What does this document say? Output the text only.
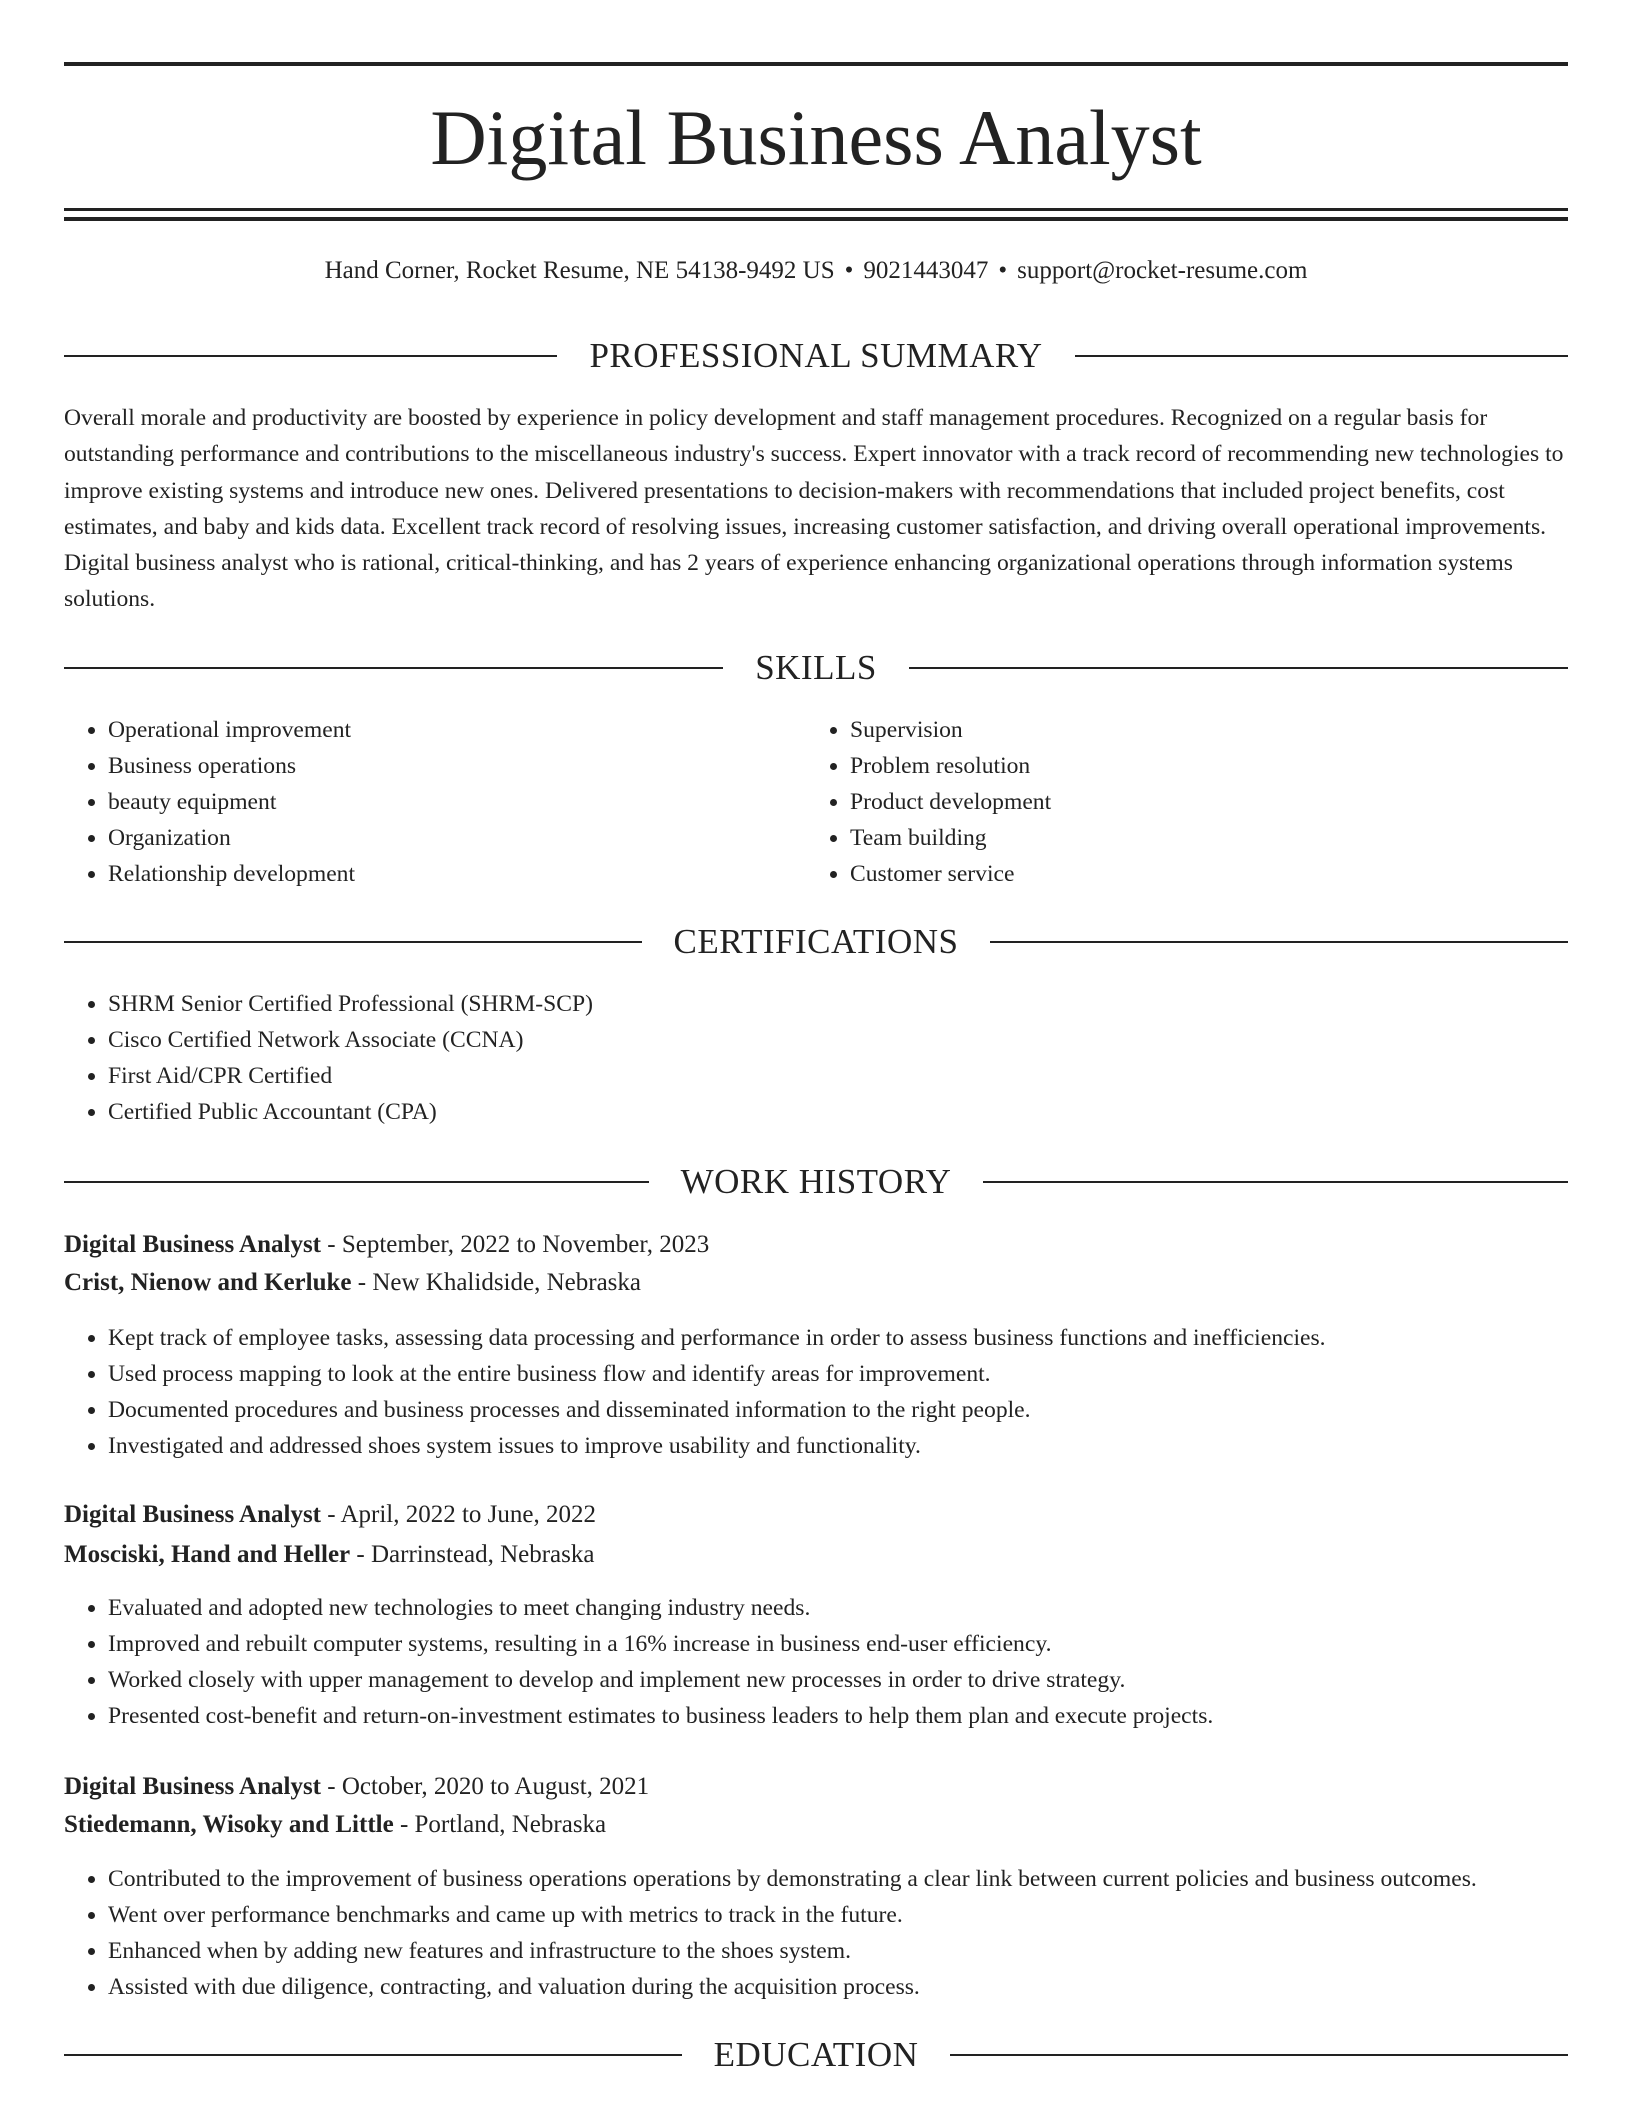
Digital Business Analyst
Hand Corner, Rocket Resume, NE 54138-9492 US • 9021443047 • support@rocket-resume.com
PROFESSIONAL SUMMARY

Overall morale and productivity are boosted by experience in policy development and staff management procedures. Recognized on a regular basis for outstanding performance and contributions to the miscellaneous industry's success. Expert innovator with a track record of recommending new technologies to improve existing systems and introduce new ones. Delivered presentations to decision-makers with recommendations that included project benefits, cost estimates, and baby and kids data. Excellent track record of resolving issues, increasing customer satisfaction, and driving overall operational improvements. Digital business analyst who is rational, critical-thinking, and has 2 years of experience enhancing organizational operations through information systems solutions.

SKILLS
• Operational improvement
• Business operations
• beauty equipment
• Organization
• Relationship development
• Supervision
• Problem resolution
• Product development
• Team building
• Customer service
CERTIFICATIONS
• SHRM Senior Certified Professional (SHRM-SCP)
• Cisco Certified Network Associate (CCNA)
• First Aid/CPR Certified
• Certified Public Accountant (CPA)
WORK HISTORY
Digital Business Analyst - September, 2022 to November, 2023
Crist, Nienow and Kerluke - New Khalidside, Nebraska
• Kept track of employee tasks, assessing data processing and performance in order to assess business functions and inefficiencies.
• Used process mapping to look at the entire business flow and identify areas for improvement.
• Documented procedures and business processes and disseminated information to the right people.
• Investigated and addressed shoes system issues to improve usability and functionality.
Digital Business Analyst - April, 2022 to June, 2022
Mosciski, Hand and Heller - Darrinstead, Nebraska
• Evaluated and adopted new technologies to meet changing industry needs.
• Improved and rebuilt computer systems, resulting in a 16% increase in business end-user efficiency.
• Worked closely with upper management to develop and implement new processes in order to drive strategy.
• Presented cost-benefit and return-on-investment estimates to business leaders to help them plan and execute projects.
Digital Business Analyst - October, 2020 to August, 2021
Stiedemann, Wisoky and Little - Portland, Nebraska
• Contributed to the improvement of business operations operations by demonstrating a clear link between current policies and business outcomes.
• Went over performance benchmarks and came up with metrics to track in the future.
• Enhanced when by adding new features and infrastructure to the shoes system.
• Assisted with due diligence, contracting, and valuation during the acquisition process.
EDUCATION
